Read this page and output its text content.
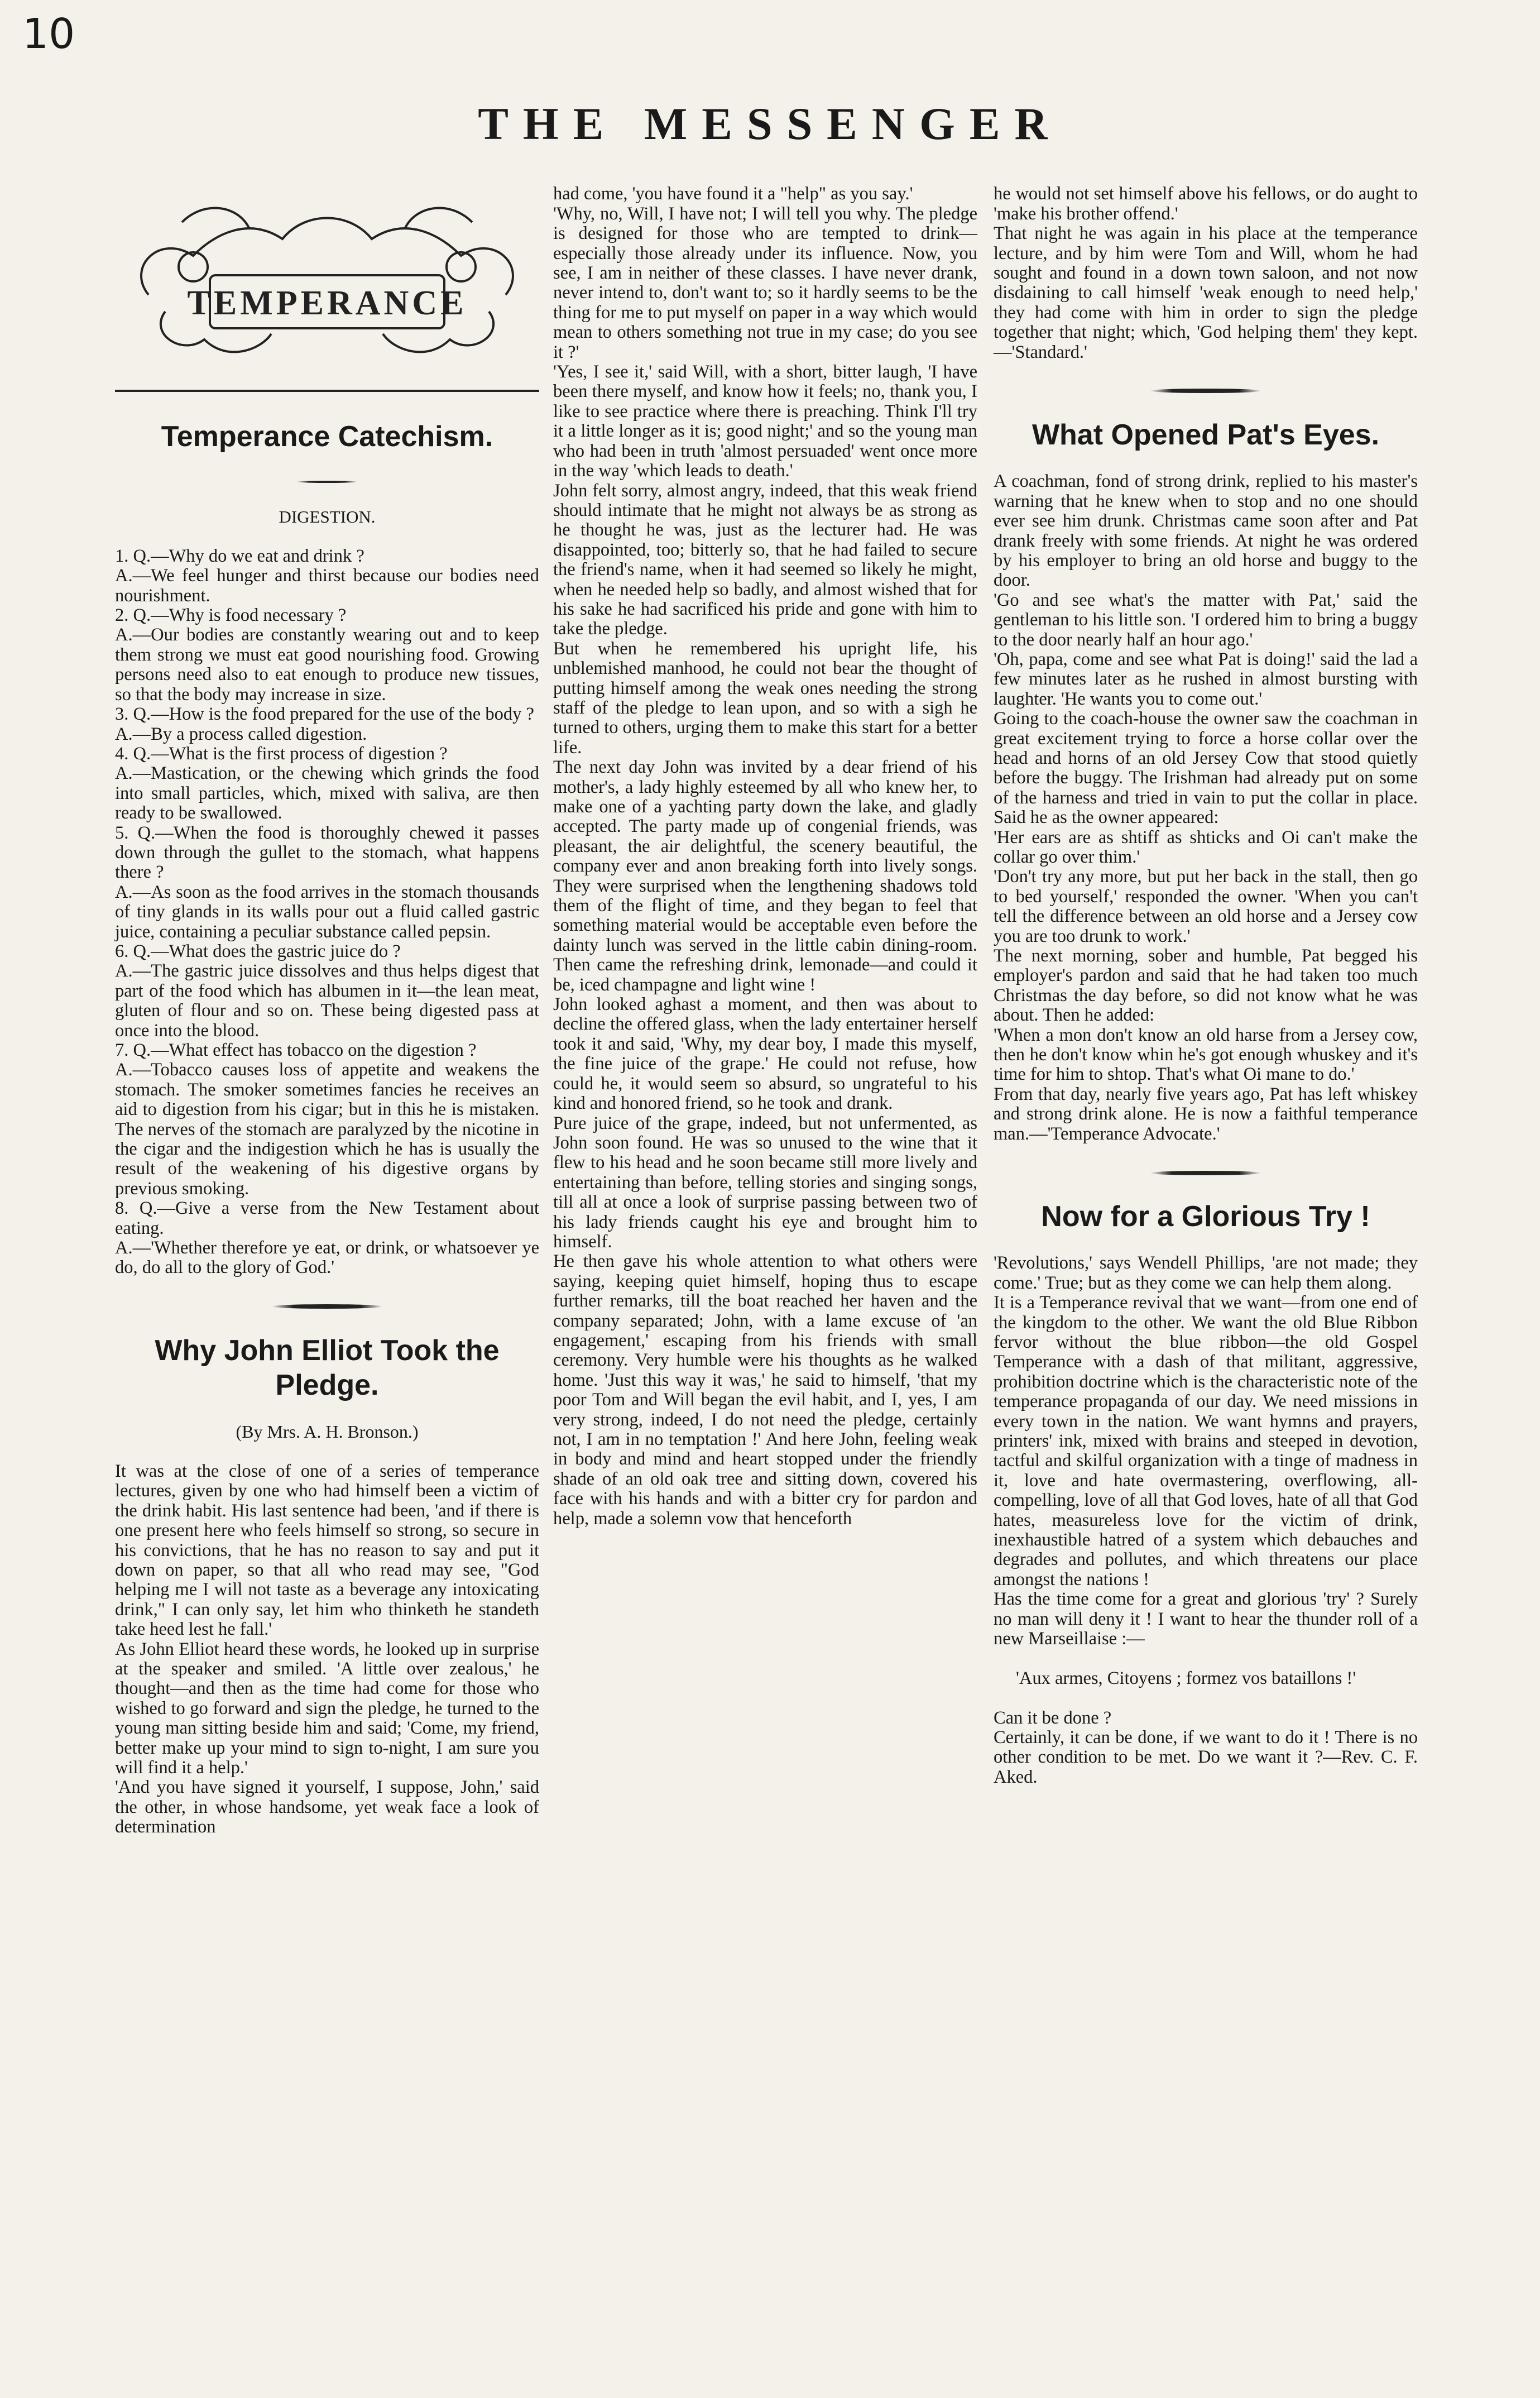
10
THE MESSENGER

TEMPERANCE

Temperance Catechism.

DIGESTION.

1. Q.—Why do we eat and drink ?
A.—We feel hunger and thirst because our bodies need nourishment.
2. Q.—Why is food necessary ?
A.—Our bodies are constantly wearing out and to keep them strong we must eat good nourishing food. Growing persons need also to eat enough to produce new tissues, so that the body may increase in size.
3. Q.—How is the food prepared for the use of the body ?
A.—By a process called digestion.
4. Q.—What is the first process of digestion ?
A.—Mastication, or the chewing which grinds the food into small particles, which, mixed with saliva, are then ready to be swallowed.
5. Q.—When the food is thoroughly chewed it passes down through the gullet to the stomach, what happens there ?
A.—As soon as the food arrives in the stomach thousands of tiny glands in its walls pour out a fluid called gastric juice, containing a peculiar substance called pepsin.
6. Q.—What does the gastric juice do ?
A.—The gastric juice dissolves and thus helps digest that part of the food which has albumen in it—the lean meat, gluten of flour and so on. These being digested pass at once into the blood.
7. Q.—What effect has tobacco on the digestion ?
A.—Tobacco causes loss of appetite and weakens the stomach. The smoker sometimes fancies he receives an aid to digestion from his cigar; but in this he is mistaken. The nerves of the stomach are paralyzed by the nicotine in the cigar and the indigestion which he has is usually the result of the weakening of his digestive organs by previous smoking.
8. Q.—Give a verse from the New Testament about eating.
A.—'Whether therefore ye eat, or drink, or whatsoever ye do, do all to the glory of God.'

Why John Elliot Took the Pledge.

(By Mrs. A. H. Bronson.)

It was at the close of one of a series of temperance lectures, given by one who had himself been a victim of the drink habit. His last sentence had been, 'and if there is one present here who feels himself so strong, so secure in his convictions, that he has no reason to say and put it down on paper, so that all who read may see, "God helping me I will not taste as a beverage any intoxicating drink," I can only say, let him who thinketh he standeth take heed lest he fall.'
As John Elliot heard these words, he looked up in surprise at the speaker and smiled. 'A little over zealous,' he thought—and then as the time had come for those who wished to go forward and sign the pledge, he turned to the young man sitting beside him and said; 'Come, my friend, better make up your mind to sign to-night, I am sure you will find it a help.'
'And you have signed it yourself, I suppose, John,' said the other, in whose handsome, yet weak face a look of determination

had come, 'you have found it a "help" as you say.'
'Why, no, Will, I have not; I will tell you why. The pledge is designed for those who are tempted to drink—especially those already under its influence. Now, you see, I am in neither of these classes. I have never drank, never intend to, don't want to; so it hardly seems to be the thing for me to put myself on paper in a way which would mean to others something not true in my case; do you see it ?'
'Yes, I see it,' said Will, with a short, bitter laugh, 'I have been there myself, and know how it feels; no, thank you, I like to see practice where there is preaching. Think I'll try it a little longer as it is; good night;' and so the young man who had been in truth 'almost persuaded' went once more in the way 'which leads to death.'
John felt sorry, almost angry, indeed, that this weak friend should intimate that he might not always be as strong as he thought he was, just as the lecturer had. He was disappointed, too; bitterly so, that he had failed to secure the friend's name, when it had seemed so likely he might, when he needed help so badly, and almost wished that for his sake he had sacrificed his pride and gone with him to take the pledge.
But when he remembered his upright life, his unblemished manhood, he could not bear the thought of putting himself among the weak ones needing the strong staff of the pledge to lean upon, and so with a sigh he turned to others, urging them to make this start for a better life.
The next day John was invited by a dear friend of his mother's, a lady highly esteemed by all who knew her, to make one of a yachting party down the lake, and gladly accepted. The party made up of congenial friends, was pleasant, the air delightful, the scenery beautiful, the company ever and anon breaking forth into lively songs. They were surprised when the lengthening shadows told them of the flight of time, and they began to feel that something material would be acceptable even before the dainty lunch was served in the little cabin dining-room. Then came the refreshing drink, lemonade—and could it be, iced champagne and light wine !
John looked aghast a moment, and then was about to decline the offered glass, when the lady entertainer herself took it and said, 'Why, my dear boy, I made this myself, the fine juice of the grape.' He could not refuse, how could he, it would seem so absurd, so ungrateful to his kind and honored friend, so he took and drank.
Pure juice of the grape, indeed, but not unfermented, as John soon found. He was so unused to the wine that it flew to his head and he soon became still more lively and entertaining than before, telling stories and singing songs, till all at once a look of surprise passing between two of his lady friends caught his eye and brought him to himself.
He then gave his whole attention to what others were saying, keeping quiet himself, hoping thus to escape further remarks, till the boat reached her haven and the company separated; John, with a lame excuse of 'an engagement,' escaping from his friends with small ceremony. Very humble were his thoughts as he walked home. 'Just this way it was,' he said to himself, 'that my poor Tom and Will began the evil habit, and I, yes, I am very strong, indeed, I do not need the pledge, certainly not, I am in no temptation !' And here John, feeling weak in body and mind and heart stopped under the friendly shade of an old oak tree and sitting down, covered his face with his hands and with a bitter cry for pardon and help, made a solemn vow that henceforth

he would not set himself above his fellows, or do aught to 'make his brother offend.'
That night he was again in his place at the temperance lecture, and by him were Tom and Will, whom he had sought and found in a down town saloon, and not now disdaining to call himself 'weak enough to need help,' they had come with him in order to sign the pledge together that night; which, 'God helping them' they kept.—'Standard.'

What Opened Pat's Eyes.

A coachman, fond of strong drink, replied to his master's warning that he knew when to stop and no one should ever see him drunk. Christmas came soon after and Pat drank freely with some friends. At night he was ordered by his employer to bring an old horse and buggy to the door.
'Go and see what's the matter with Pat,' said the gentleman to his little son. 'I ordered him to bring a buggy to the door nearly half an hour ago.'
'Oh, papa, come and see what Pat is doing!' said the lad a few minutes later as he rushed in almost bursting with laughter. 'He wants you to come out.'
Going to the coach-house the owner saw the coachman in great excitement trying to force a horse collar over the head and horns of an old Jersey Cow that stood quietly before the buggy. The Irishman had already put on some of the harness and tried in vain to put the collar in place. Said he as the owner appeared:
'Her ears are as shtiff as shticks and Oi can't make the collar go over thim.'
'Don't try any more, but put her back in the stall, then go to bed yourself,' responded the owner. 'When you can't tell the difference between an old horse and a Jersey cow you are too drunk to work.'
The next morning, sober and humble, Pat begged his employer's pardon and said that he had taken too much Christmas the day before, so did not know what he was about. Then he added:
'When a mon don't know an old harse from a Jersey cow, then he don't know whin he's got enough whuskey and it's time for him to shtop. That's what Oi mane to do.'
From that day, nearly five years ago, Pat has left whiskey and strong drink alone. He is now a faithful temperance man.—'Temperance Advocate.'

Now for a Glorious Try !

'Revolutions,' says Wendell Phillips, 'are not made; they come.' True; but as they come we can help them along.
It is a Temperance revival that we want—from one end of the kingdom to the other. We want the old Blue Ribbon fervor without the blue ribbon—the old Gospel Temperance with a dash of that militant, aggressive, prohibition doctrine which is the characteristic note of the temperance propaganda of our day. We need missions in every town in the nation. We want hymns and prayers, printers' ink, mixed with brains and steeped in devotion, tactful and skilful organization with a tinge of madness in it, love and hate overmastering, overflowing, all-compelling, love of all that God loves, hate of all that God hates, measureless love for the victim of drink, inexhaustible hatred of a system which debauches and degrades and pollutes, and which threatens our place amongst the nations !
Has the time come for a great and glorious 'try' ? Surely no man will deny it ! I want to hear the thunder roll of a new Marseillaise :—

'Aux armes, Citoyens ; formez vos bataillons !'

Can it be done ?
Certainly, it can be done, if we want to do it ! There is no other condition to be met. Do we want it ?—Rev. C. F. Aked.
